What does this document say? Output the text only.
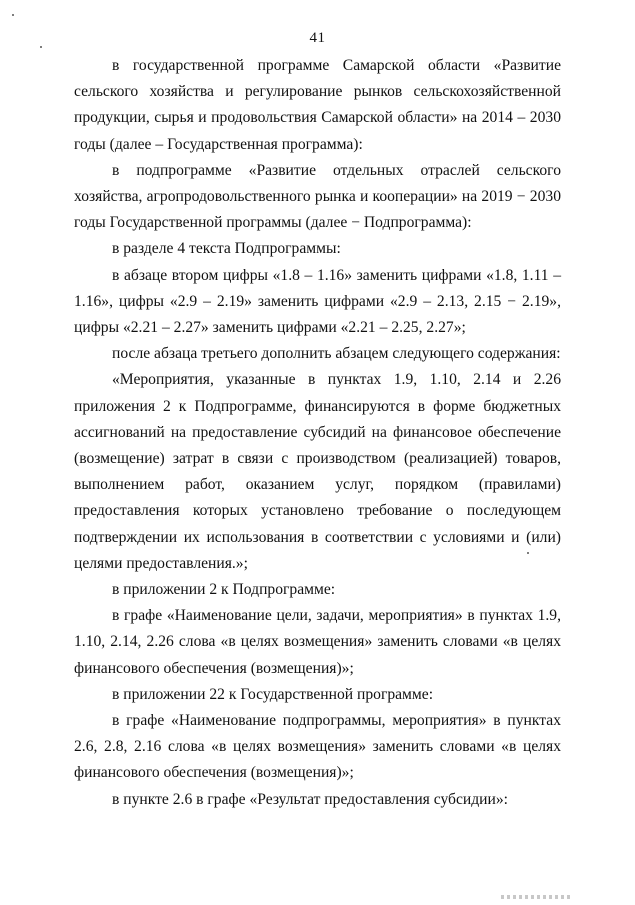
41

в государственной программе Самарской области «Развитие сельского хозяйства и регулирование рынков сельскохозяйственной продукции, сырья и продовольствия Самарской области» на 2014 – 2030 годы (далее – Государственная программа):

в подпрограмме «Развитие отдельных отраслей сельского хозяйства, агропродовольственного рынка и кооперации» на 2019 − 2030 годы Государственной программы (далее − Подпрограмма):

в разделе 4 текста Подпрограммы:

в абзаце втором цифры «1.8 – 1.16» заменить цифрами «1.8, 1.11 – 1.16», цифры «2.9 – 2.19» заменить цифрами «2.9 – 2.13, 2.15 − 2.19», цифры «2.21 – 2.27» заменить цифрами «2.21 – 2.25, 2.27»;

после абзаца третьего дополнить абзацем следующего содержания:

«Мероприятия, указанные в пунктах 1.9, 1.10, 2.14 и 2.26 приложения 2 к Подпрограмме, финансируются в форме бюджетных ассигнований на предоставление субсидий на финансовое обеспечение (возмещение) затрат в связи с производством (реализацией) товаров, выполнением работ, оказанием услуг, порядком (правилами) предоставления которых установлено требование о последующем подтверждении их использования в соответствии с условиями и (или) целями предоставления.»;

в приложении 2 к Подпрограмме:

в графе «Наименование цели, задачи, мероприятия» в пунктах 1.9, 1.10, 2.14, 2.26 слова «в целях возмещения» заменить словами «в целях финансового обеспечения (возмещения)»;

в приложении 22 к Государственной программе:

в графе «Наименование подпрограммы, мероприятия» в пунктах 2.6, 2.8, 2.16 слова «в целях возмещения» заменить словами «в целях финансового обеспечения (возмещения)»;

в пункте 2.6 в графе «Результат предоставления субсидии»:
